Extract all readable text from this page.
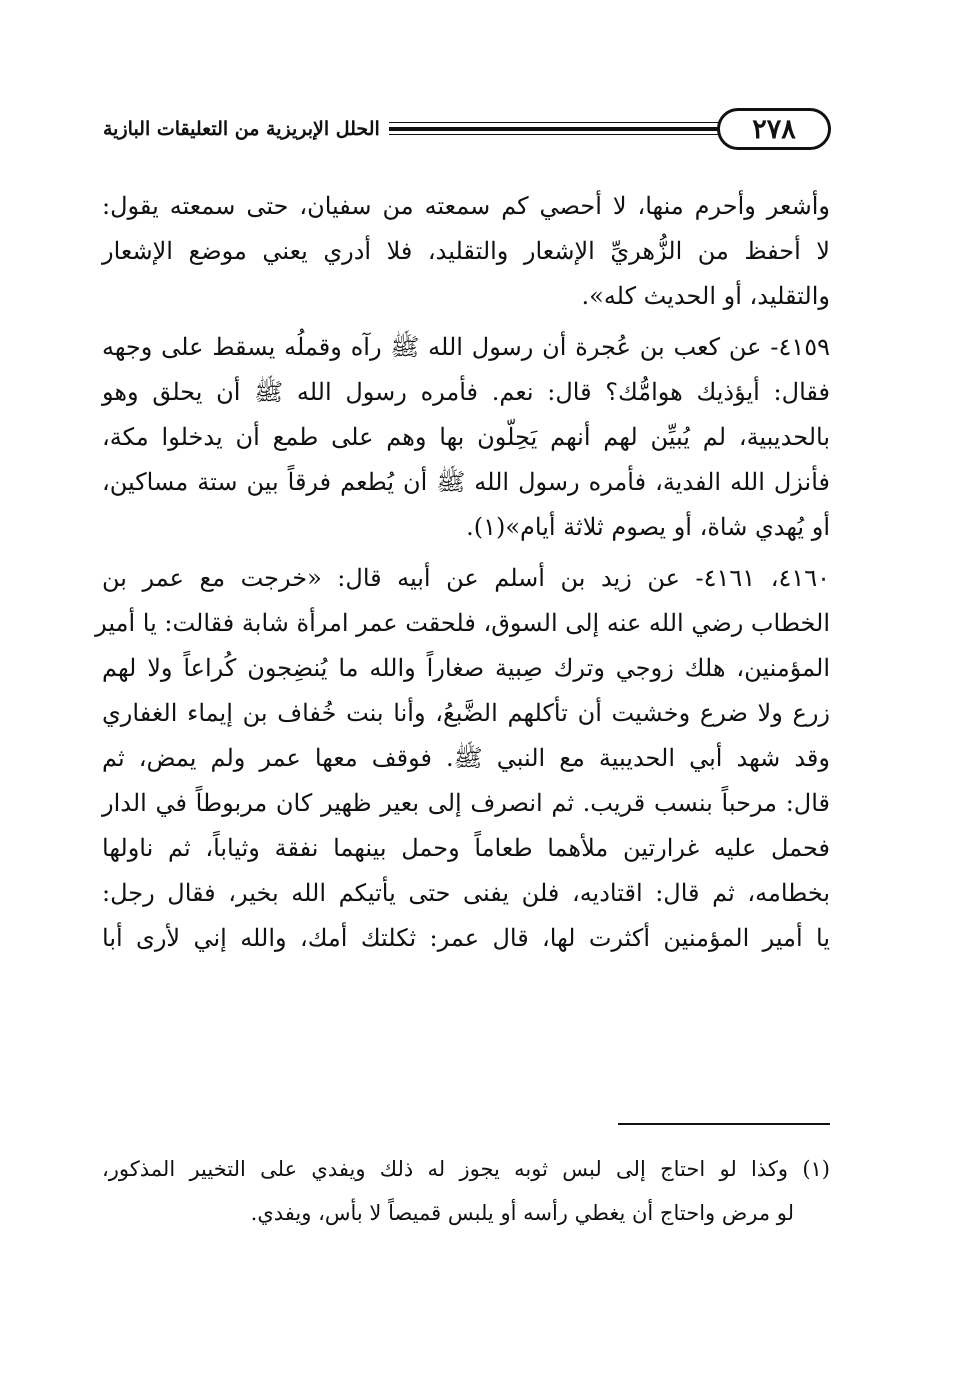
٢٧٨
الحلل الإبريزية من التعليقات البازية
وأشعر وأحرم منها، لا أحصي كم سمعته من سفيان، حتى سمعته يقول:
لا أحفظ من الزُّهريِّ الإشعار والتقليد، فلا أدري يعني موضع الإشعار
والتقليد، أو الحديث كله».
٤١٥٩- عن كعب بن عُجرة أن رسول الله ﷺ رآه وقملُه يسقط على وجهه
فقال: أيؤذيك هوامُّك؟ قال: نعم. فأمره رسول الله ﷺ أن يحلق وهو
بالحديبية، لم يُبيِّن لهم أنهم يَحِلّون بها وهم على طمع أن يدخلوا مكة،
فأنزل الله الفدية، فأمره رسول الله ﷺ أن يُطعم فرقاً بين ستة مساكين،
أو يُهدي شاة، أو يصوم ثلاثة أيام»(١).
٤١٦٠، ٤١٦١- عن زيد بن أسلم عن أبيه قال: «خرجت مع عمر بن
الخطاب رضي الله عنه إلى السوق، فلحقت عمر امرأة شابة فقالت: يا أمير
المؤمنين، هلك زوجي وترك صِبية صغاراً والله ما يُنضِجون كُراعاً ولا لهم
زرع ولا ضرع وخشيت أن تأكلهم الضَّبعُ، وأنا بنت خُفاف بن إيماء الغفاري
وقد شهد أبي الحديبية مع النبي ﷺ. فوقف معها عمر ولم يمض، ثم
قال: مرحباً بنسب قريب. ثم انصرف إلى بعير ظهير كان مربوطاً في الدار
فحمل عليه غرارتين ملأهما طعاماً وحمل بينهما نفقة وثياباً، ثم ناولها
بخطامه، ثم قال: اقتاديه، فلن يفنى حتى يأتيكم الله بخير، فقال رجل:
يا أمير المؤمنين أكثرت لها، قال عمر: ثكلتك أمك، والله إني لأرى أبا
(١) وكذا لو احتاج إلى لبس ثوبه يجوز له ذلك ويفدي على التخيير المذكور،
لو مرض واحتاج أن يغطي رأسه أو يلبس قميصاً لا بأس، ويفدي.
